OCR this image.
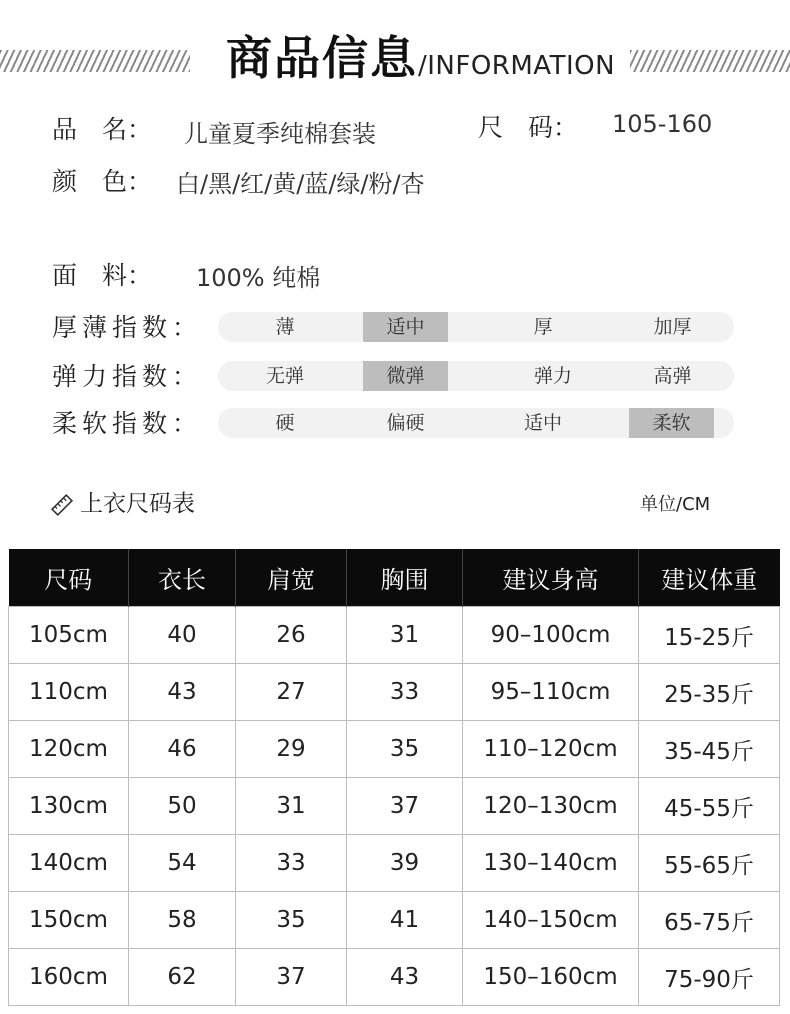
商品信息/INFORMATION
品　名： 儿童夏季纯棉套装	尺　码： 105-160
颜　色： 白/黑/红/黄/蓝/绿/粉/杏
面　料： 100% 纯棉
厚薄指数：	薄	适中	厚	加厚
弹力指数：	无弹	微弹	弹力	高弹
柔软指数：	硬	偏硬	适中	柔软
上衣尺码表	单位/CM
尺码	衣长	肩宽	胸围	建议身高	建议体重
105cm	40	26	31	90–100cm	15-25斤
110cm	43	27	33	95–110cm	25-35斤
120cm	46	29	35	110–120cm	35-45斤
130cm	50	31	37	120–130cm	45-55斤
140cm	54	33	39	130–140cm	55-65斤
150cm	58	35	41	140–150cm	65-75斤
160cm	62	37	43	150–160cm	75-90斤
